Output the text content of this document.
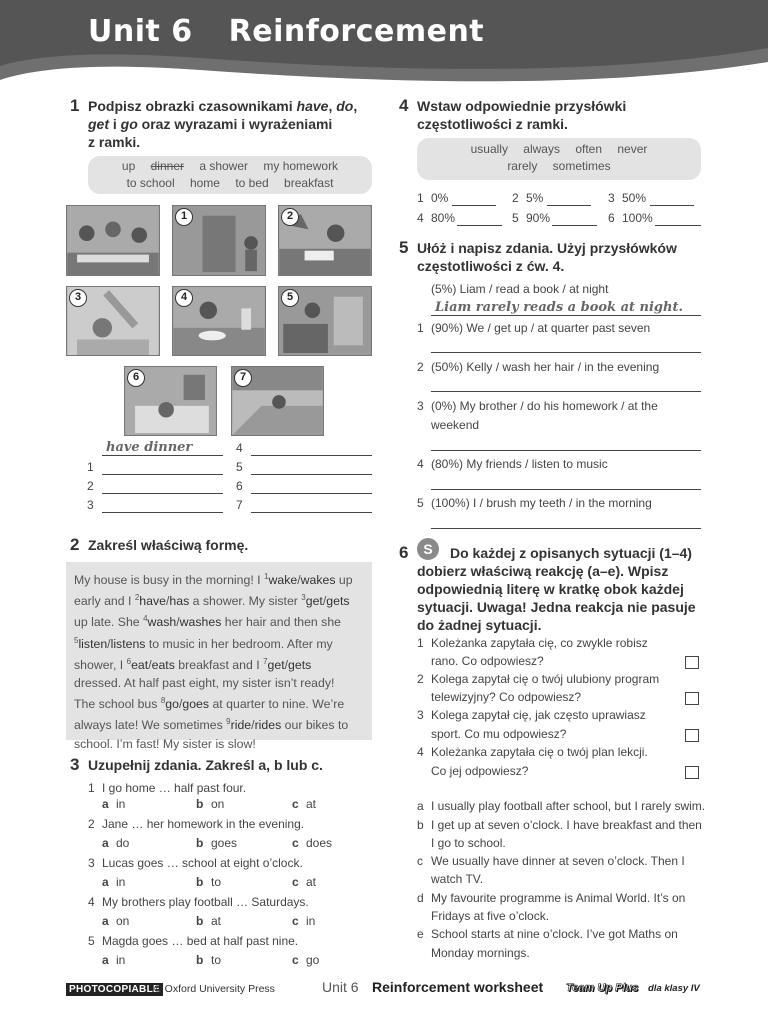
Unit 6 Reinforcement
1 Podpisz obrazki czasownikami have, do,
get i go oraz wyrazami i wyrażeniami
z ramki.
up dinner a shower my homework
to school home to bed breakfast
1	2
3	4	5
6	7
have dinner	4
1	5
2	6
3	7
2 Zakreśl właściwą formę.
My house is busy in the morning! I $^1$wake/wakes up
early and I $^2$have/has a shower. My sister $^3$get/gets
up late. She $^4$wash/washes her hair and then she
$^5$listen/listens to music in her bedroom. After my
shower, I $^6$eat/eats breakfast and I $^7$get/gets
dressed. At half past eight, my sister isn’t ready!
The school bus $^8$go/goes at quarter to nine. We’re
always late! We sometimes $^9$ride/rides our bikes to
school. I’m fast! My sister is slow!
3 Uzupełnij zdania. Zakreśl a, b lub c.
1 I go home … half past four.
a in	b on	c at
2 Jane … her homework in the evening.
a do	b goes	c does
3 Lucas goes … school at eight o’clock.
a in	b to	c at
4 My brothers play football … Saturdays.
a on	b at	c in
5 Magda goes … bed at half past nine.
a in	b to	c go
4 Wstaw odpowiednie przysłówki
częstotliwości z ramki.
usually always often never
rarely sometimes
1 0%	2 5%	3 50%
4 80%	5 90%	6 100%
5 Ułóż i napisz zdania. Użyj przysłówków
częstotliwości z ćw. 4.
(5%) Liam / read a book / at night
Liam rarely reads a book at night.
1 (90%) We / get up / at quarter past seven
2 (50%) Kelly / wash her hair / in the evening
3 (0%) My brother / do his homework / at the
weekend
4 (80%) My friends / listen to music
5 (100%) I / brush my teeth / in the morning
6	S	Do każdej z opisanych sytuacji (1–4)
dobierz właściwą reakcję (a–e). Wpisz
odpowiednią literę w kratkę obok każdej
sytuacji. Uwaga! Jedna reakcja nie pasuje
do żadnej sytuacji.
1 Koleżanka zapytała cię, co zwykle robisz
rano. Co odpowiesz?
2 Kolega zapytał cię o twój ulubiony program
telewizyjny? Co odpowiesz?
3 Kolega zapytał cię, jak często uprawiasz
sport. Co mu odpowiesz?
4 Koleżanka zapytała cię o twój plan lekcji.
Co jej odpowiesz?
a I usually play football after school, but I rarely swim.
b I get up at seven o’clock. I have breakfast and then
I go to school.
c We usually have dinner at seven o’clock. Then I
watch TV.
d My favourite programme is Animal World. It’s on
Fridays at five o’clock.
e School starts at nine o’clock. I’ve got Maths on
Monday mornings.
PHOTOCOPIABLE
© Oxford University Press	Unit 6 Reinforcement worksheet Team Up Plus dla klasy IV
